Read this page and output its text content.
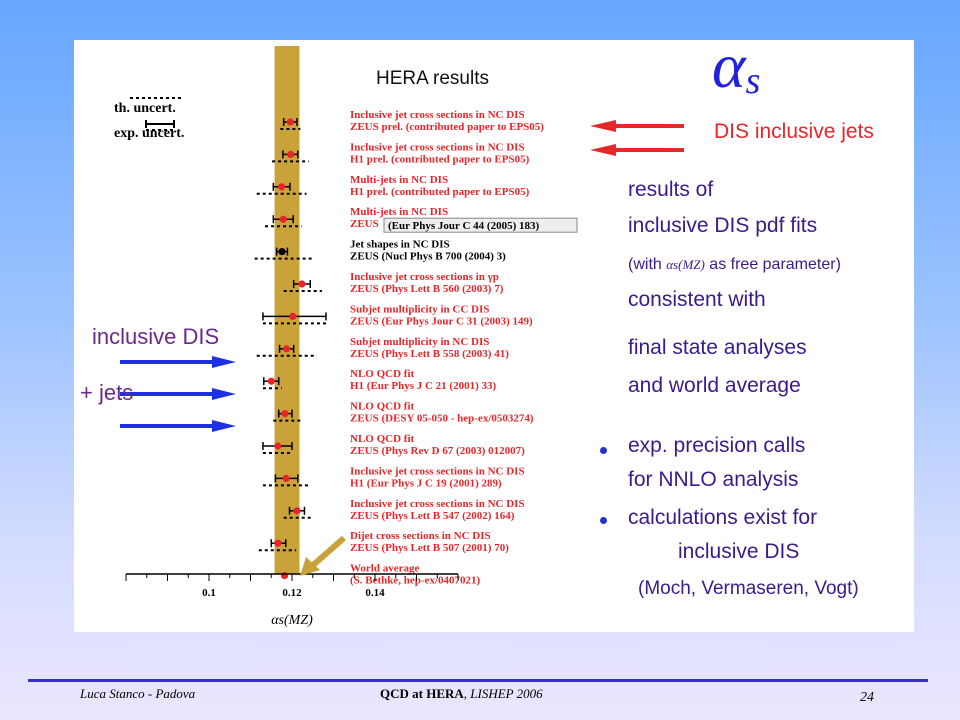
HERA results
th. uncert.
exp. uncert.
Inclusive jet cross sections in NC DIS
ZEUS prel. (contributed paper to EPS05)
Inclusive jet cross sections in NC DIS
H1 prel. (contributed paper to EPS05)
Multi-jets in NC DIS
H1 prel. (contributed paper to EPS05)
Multi-jets in NC DIS
ZEUS
Jet shapes in NC DIS
ZEUS (Nucl Phys B 700 (2004) 3)
Inclusive jet cross sections in γp
ZEUS (Phys Lett B 560 (2003) 7)
Subjet multiplicity in CC DIS
ZEUS (Eur Phys Jour C 31 (2003) 149)
Subjet multiplicity in NC DIS
ZEUS (Phys Lett B 558 (2003) 41)
NLO QCD fit
H1 (Eur Phys J C 21 (2001) 33)
NLO QCD fit
ZEUS (DESY 05-050 - hep-ex/0503274)
NLO QCD fit
ZEUS (Phys Rev D 67 (2003) 012007)
Inclusive jet cross sections in NC DIS
H1 (Eur Phys J C 19 (2001) 289)
Inclusive jet cross sections in NC DIS
ZEUS (Phys Lett B 547 (2002) 164)
Dijet cross sections in NC DIS
ZEUS (Phys Lett B 507 (2001) 70)
World average
(S. Bethke, hep-ex/0407021)
(Eur Phys Jour C 44 (2005) 183)
0.1	0.12	0.14
αs(MZ)
αs
DIS inclusive jets
inclusive DIS
+ jets
results of
inclusive DIS pdf fits
(with αs(MZ) as free parameter)
consistent with
final state analyses
and world average
exp. precision calls
for NNLO analysis
calculations exist for
inclusive DIS
(Moch, Vermaseren, Vogt)
Luca Stanco - Padova	QCD at HERA, LISHEP 2006	24
